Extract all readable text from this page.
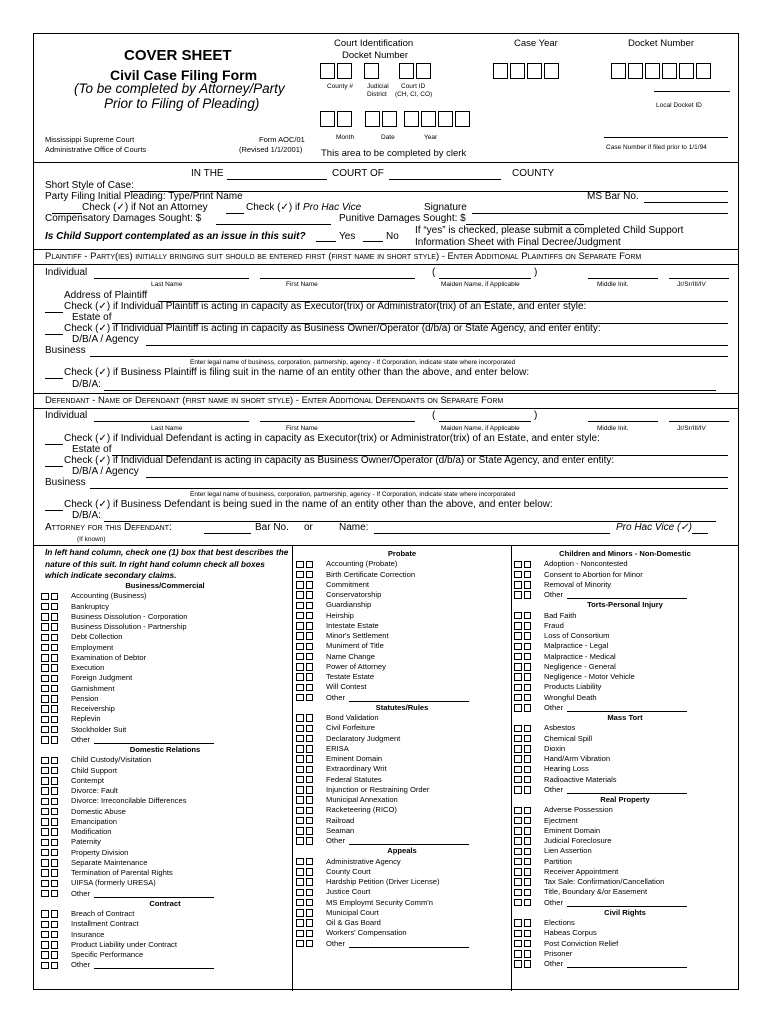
COVER SHEET
Civil Case Filing Form
(To be completed by Attorney/Party
Prior to Filing of Pleading)
Mississippi Supreme Court
Administrative Office of Courts
Form AOC/01
(Revised 1/1/2001)
Court Identification
Docket Number
Case Year	Docket Number
County # Judicial
District
Court ID
(CH, CI, CO)
Local Docket ID
Month	Date	Year
This area to be completed by clerk
Case Number if filed prior to 1/1/94
IN THE	COURT OF	COUNTY
Short Style of Case:
Party Filing Initial Pleading: Type/Print Name	MS Bar No.
Check (✓) if Not an Attorney	Check (✓) if Pro Hac Vice	Signature
Compensatory Damages Sought: $	Punitive Damages Sought: $
Is Child Support contemplated as an issue in this suit?	Yes	No
If “yes” is checked, please submit a completed Child Support
Information Sheet with Final Decree/Judgment
Plaintiff - Party(ies) initially bringing suit should be entered first (first name in short style) - Enter Additional Plaintiffs on Separate Form
Individual	(	)
Last Name	First Name	Maiden Name, if Applicable	Middle Init.	Jr/Sr/III/IV
Address of Plaintiff
Check (✓) if Individual Plaintiff is acting in capacity as Executor(trix) or Administrator(trix) of an Estate, and enter style:
Estate of
Check (✓) if Individual Plaintiff is acting in capacity as Business Owner/Operator (d/b/a) or State Agency, and enter entity:
D/B/A / Agency
Business
Enter legal name of business, corporation, partnership, agency - If Corporation, indicate state where incorporated
Check (✓) if Business Plaintiff is filing suit in the name of an entity other than the above, and enter below:
D/B/A:
Defendant - Name of Defendant (first name in short style) - Enter Additional Defendants on Separate Form
Individual	(	)
Last Name	First Name	Maiden Name, if Applicable	Middle Init.	Jr/Sr/III/IV
Check (✓) if Individual Defendant is acting in capacity as Executor(trix) or Administrator(trix) of an Estate, and enter style:
Estate of
Check (✓) if Individual Defendant is acting in capacity as Business Owner/Operator (d/b/a) or State Agency, and enter entity:
D/B/A / Agency
Business
Enter legal name of business, corporation, partnership, agency - If Corporation, indicate state where incorporated
Check (✓) if Business Defendant is being sued in the name of an entity other than the above, and enter below:
D/B/A:
Attorney for this Defendant:	Bar No. or	Name:	Pro Hac Vice (✓)
(If known)
In left hand column, check one (1) box that best describes the nature of this suit. In right hand column check all boxes which indicate secondary claims.
Business/Commercial
Accounting (Business)
Bankruptcy
Business Dissolution - Corporation
Business Dissolution - Partnership
Debt Collection
Employment
Examination of Debtor
Execution
Foreign Judgment
Garnishment
Pension
Receivership
Replevin
Stockholder Suit
Other
Domestic Relations
Child Custody/Visitation
Child Support
Contempt
Divorce: Fault
Divorce: Irreconcilable Differences
Domestic Abuse
Emancipation
Modification
Paternity
Property Division
Separate Maintenance
Termination of Parental Rights
UIFSA (formerly URESA)
Other
Contract
Breach of Contract
Installment Contract
Insurance
Product Liability under Contract
Specific Performance
Other
Probate
Accounting (Probate)
Birth Certificate Correction
Commitment
Conservatorship
Guardianship
Heirship
Intestate Estate
Minor's Settlement
Muniment of Title
Name Change
Power of Attorney
Testate Estate
Will Contest
Other
Statutes/Rules
Bond Validation
Civil Forfeiture
Declaratory Judgment
ERISA
Eminent Domain
Extraordinary Writ
Federal Statutes
Injunction or Restraining Order
Municipal Annexation
Racketeering (RICO)
Railroad
Seaman
Other
Appeals
Administrative Agency
County Court
Hardship Petition (Driver License)
Justice Court
MS Employmt Security Comm'n
Municipal Court
Oil & Gas Board
Workers' Compensation
Other
Children and Minors - Non-Domestic
Adoption - Noncontested
Consent to Abortion for Minor
Removal of Minority
Other
Torts-Personal Injury
Bad Faith
Fraud
Loss of Consortium
Malpractice - Legal
Malpractice - Medical
Negligence - General
Negligence - Motor Vehicle
Products Liability
Wrongful Death
Other
Mass Tort
Asbestos
Chemical Spill
Dioxin
Hand/Arm Vibration
Hearing Loss
Radioactive Materials
Other
Real Property
Adverse Possession
Ejectment
Eminent Domain
Judicial Foreclosure
Lien Assertion
Partition
Receiver Appointment
Tax Sale: Confirmation/Cancellation
Title, Boundary &/or Easement
Other
Civil Rights
Elections
Habeas Corpus
Post Conviction Relief
Prisoner
Other
